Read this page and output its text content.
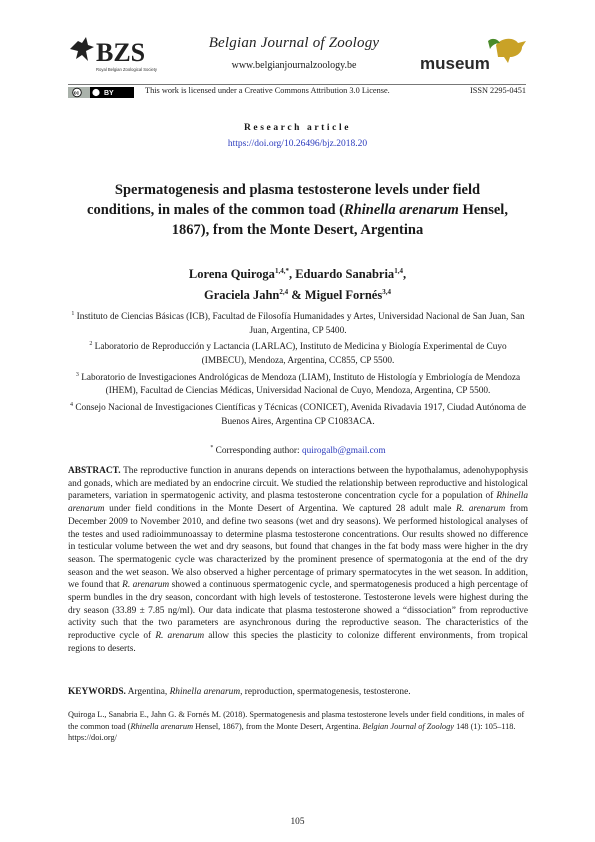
BZS
Royal Belgian Zoological Society
Belgian Journal of Zoology
www.belgianjournalzoology.be	museum
cc	BY	This work is licensed under a Creative Commons Attribution 3.0 License.	ISSN 2295-0451
Research article
https://doi.org/10.26496/bjz.2018.20
Spermatogenesis and plasma testosterone levels under field conditions, in males of the common toad (Rhinella arenarum Hensel, 1867), from the Monte Desert, Argentina
Lorena Quiroga$^{1,4,*}$, Eduardo Sanabria$^{1,4}$,
Graciela Jahn$^{2,4}$ & Miguel Fornés$^{3,4}$

$^1$ Instituto de Ciencias Básicas (ICB), Facultad de Filosofía Humanidades y Artes, Universidad Nacional de San Juan, San Juan, Argentina, CP 5400.

$^2$ Laboratorio de Reproducción y Lactancia (LARLAC), Instituto de Medicina y Biología Experimental de Cuyo (IMBECU), Mendoza, Argentina, CC855, CP 5500.

$^3$ Laboratorio de Investigaciones Andrológicas de Mendoza (LIAM), Instituto de Histología y Embriología de Mendoza (IHEM), Facultad de Ciencias Médicas, Universidad Nacional de Cuyo, Mendoza, Argentina, CP 5500.

$^4$ Consejo Nacional de Investigaciones Científicas y Técnicas (CONICET), Avenida Rivadavia 1917, Ciudad Autónoma de Buenos Aires, Argentina CP C1083ACA.

* Corresponding author: quirogalb@gmail.com
ABSTRACT. The reproductive function in anurans depends on interactions between the hypothalamus, adenohypophysis and gonads, which are mediated by an endocrine circuit. We studied the relationship between reproductive and histological parameters, variation in spermatogenic activity, and plasma testosterone concentration cycle for a population of Rhinella arenarum under field conditions in the Monte Desert of Argentina. We captured 28 adult male R. arenarum from December 2009 to November 2010, and define two seasons (wet and dry seasons). We performed histological analyses of the testes and used radioimmunoassay to determine plasma testosterone concentrations. Our results showed no difference in testicular volume between the wet and dry seasons, but found that changes in the fat body mass were higher in the dry season. The spermatogenic cycle was characterized by the prominent presence of spermatogonia at the end of the dry season and the wet season. We also observed a higher percentage of primary spermatocytes in the wet season. In addition, we found that R. arenarum showed a continuous spermatogenic cycle, and spermatogenesis produced a high percentage of sperm bundles in the dry season, concordant with high levels of testosterone. Testosterone levels were highest during the dry season (33.89 ± 7.85 ng/ml). Our data indicate that plasma testosterone showed a “dissociation” from reproductive activity such that the two parameters are asynchronous during the reproductive season. The characteristics of the reproductive cycle of R. arenarum allow this species the plasticity to colonize different environments, from tropical regions to deserts.
KEYWORDS. Argentina, Rhinella arenarum, reproduction, spermatogenesis, testosterone.
Quiroga L., Sanabria E., Jahn G. & Fornés M. (2018). Spermatogenesis and plasma testosterone levels under field conditions, in males of the common toad (Rhinella arenarum Hensel, 1867), from the Monte Desert, Argentina. Belgian Journal of Zoology 148 (1): 105–118. https://doi.org/
105
